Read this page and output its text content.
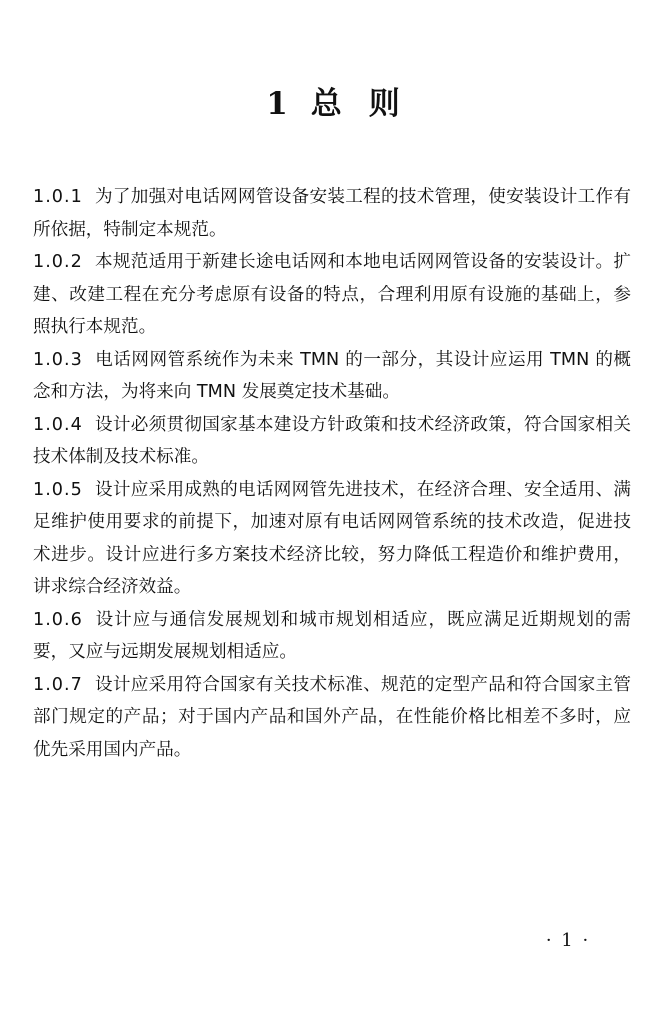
1 总 则

1.0.1 为了加强对电话网网管设备安装工程的技术管理，使安装设计工作有所依据，特制定本规范。

1.0.2 本规范适用于新建长途电话网和本地电话网网管设备的安装设计。扩建、改建工程在充分考虑原有设备的特点，合理利用原有设施的基础上，参照执行本规范。

1.0.3 电话网网管系统作为未来 TMN 的一部分，其设计应运用 TMN 的概念和方法，为将来向 TMN 发展奠定技术基础。

1.0.4 设计必须贯彻国家基本建设方针政策和技术经济政策，符合国家相关技术体制及技术标准。

1.0.5 设计应采用成熟的电话网网管先进技术，在经济合理、安全适用、满足维护使用要求的前提下，加速对原有电话网网管系统的技术改造，促进技术进步。设计应进行多方案技术经济比较，努力降低工程造价和维护费用，讲求综合经济效益。

1.0.6 设计应与通信发展规划和城市规划相适应，既应满足近期规划的需要，又应与远期发展规划相适应。

1.0.7 设计应采用符合国家有关技术标准、规范的定型产品和符合国家主管部门规定的产品；对于国内产品和国外产品，在性能价格比相差不多时，应优先采用国内产品。

· 1 ·
